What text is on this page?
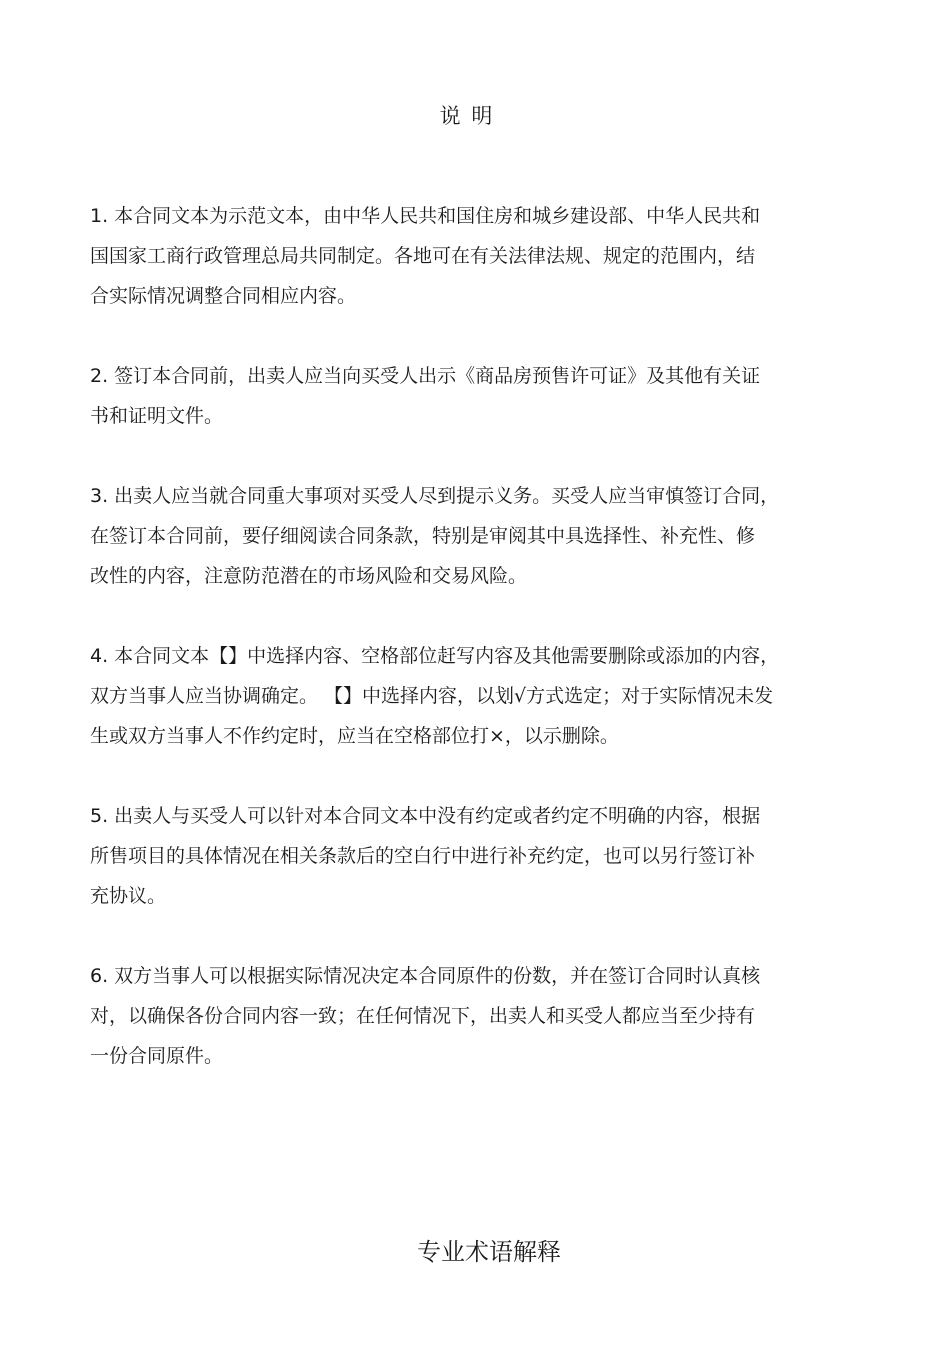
说 明
1. 本合同文本为示范文本，由中华人民共和国住房和城乡建设部、中华人民共和
国国家工商行政管理总局共同制定。各地可在有关法律法规、规定的范围内，结
合实际情况调整合同相应内容。
2. 签订本合同前，出卖人应当向买受人出示《商品房预售许可证》及其他有关证
书和证明文件。
3. 出卖人应当就合同重大事项对买受人尽到提示义务。买受人应当审慎签订合同，
在签订本合同前，要仔细阅读合同条款，特别是审阅其中具选择性、补充性、修
改性的内容，注意防范潜在的市场风险和交易风险。
4. 本合同文本【】中选择内容、空格部位赶写内容及其他需要删除或添加的内容，
双方当事人应当协调确定。 【】中选择内容，以划√方式选定；对于实际情况未发
生或双方当事人不作约定时，应当在空格部位打×，以示删除。
5. 出卖人与买受人可以针对本合同文本中没有约定或者约定不明确的内容，根据
所售项目的具体情况在相关条款后的空白行中进行补充约定，也可以另行签订补
充协议。
6. 双方当事人可以根据实际情况决定本合同原件的份数，并在签订合同时认真核
对，以确保各份合同内容一致；在任何情况下，出卖人和买受人都应当至少持有
一份合同原件。
专业术语解释
